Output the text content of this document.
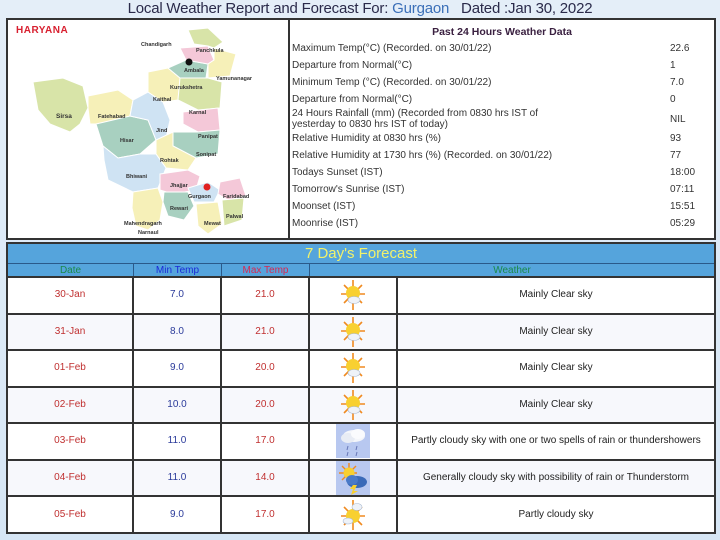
Local Weather Report and Forecast For: Gurgaon   Dated :Jan 30, 2022
Chandigarh
Panchkula
Ambala
Yamunanagar
Kurukshetra
Kaithal
Karnal
Sirsa	Fatehabad
Hisar
Jind
Panipat
Sonipat
Rohtak
Bhiwani
Jhajjar
Gurgaon Faridabad
Rewari
Mewat
Palwal
Mahendragarh
Narnaul
HARYANA	Past 24 Hours Weather Data
Maximum Temp(°C) (Recorded. on 30/01/22)	22.6
Departure from Normal(°C)	1
Minimum Temp (°C) (Recorded. on 30/01/22)	7.0
Departure from Normal(°C)	0
24 Hours Rainfall (mm) (Recorded from 0830 hrs IST of yesterday to 0830 hrs IST of today)	NIL
Relative Humidity at 0830 hrs (%)	93
Relative Humidity at 1730 hrs (%) (Recorded. on 30/01/22)	77
Todays Sunset (IST)	18:00
Tomorrow's Sunrise (IST)	07:11
Moonset (IST)	15:51
Moonrise (IST)	05:29
7 Day's Forecast
Date	Min Temp	Max Temp	Weather
30-Jan	7.0	21.0	Mainly Clear sky
31-Jan	8.0	21.0	Mainly Clear sky
01-Feb	9.0	20.0	Mainly Clear sky
02-Feb	10.0	20.0	Mainly Clear sky
03-Feb	11.0	17.0	Partly cloudy sky with one or two spells of rain or thundershowers
04-Feb	11.0	14.0	Generally cloudy sky with possibility of rain or Thunderstorm
05-Feb	9.0	17.0	Partly cloudy sky
